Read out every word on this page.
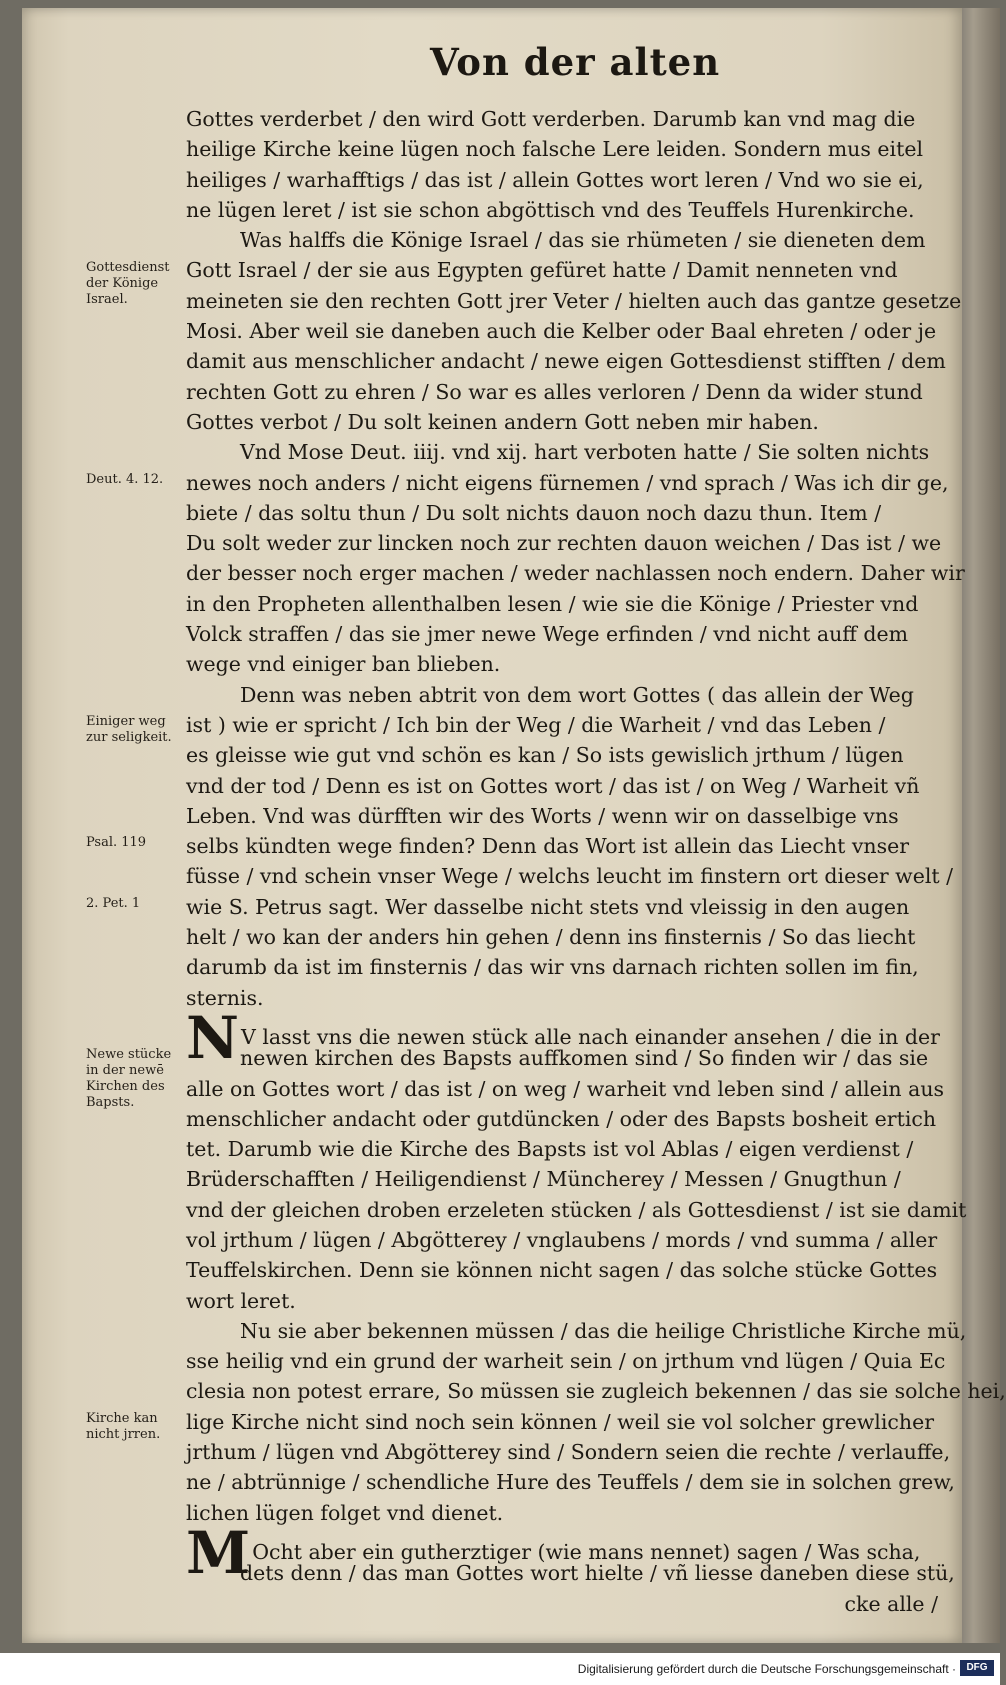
Von der alten
Gottes verderbet / den wird Gott verderben. Darumb kan vnd mag die
heilige Kirche keine lügen noch falsche Lere leiden. Sondern mus eitel
heiliges / warhafftigs / das ist / allein Gottes wort leren / Vnd wo sie ei,
ne lügen leret / ist sie schon abgöttisch vnd des Teuffels Hurenkirche.
Was halffs die Könige Israel / das sie rhümeten / sie dieneten dem
Gott Israel / der sie aus Egypten gefüret hatte / Damit nenneten vnd
meineten sie den rechten Gott jrer Veter / hielten auch das gantze gesetze
Mosi. Aber weil sie daneben auch die Kelber oder Baal ehreten / oder je
damit aus menschlicher andacht / newe eigen Gottesdienst stifften / dem
rechten Gott zu ehren / So war es alles verloren / Denn da wider stund
Gottes verbot / Du solt keinen andern Gott neben mir haben.
Vnd Mose Deut. iiij. vnd xij. hart verboten hatte / Sie solten nichts
newes noch anders / nicht eigens fürnemen / vnd sprach / Was ich dir ge,
biete / das soltu thun / Du solt nichts dauon noch dazu thun. Item /
Du solt weder zur lincken noch zur rechten dauon weichen / Das ist / we
der besser noch erger machen / weder nachlassen noch endern. Daher wir
in den Propheten allenthalben lesen / wie sie die Könige / Priester vnd
Volck straffen / das sie jmer newe Wege erfinden / vnd nicht auff dem
wege vnd einiger ban blieben.
Denn was neben abtrit von dem wort Gottes ( das allein der Weg
ist ) wie er spricht / Ich bin der Weg / die Warheit / vnd das Leben /
es gleisse wie gut vnd schön es kan / So ists gewislich jrthum / lügen
vnd der tod / Denn es ist on Gottes wort / das ist / on Weg / Warheit vñ
Leben. Vnd was dürfften wir des Worts / wenn wir on dasselbige vns
selbs kündten wege finden? Denn das Wort ist allein das Liecht vnser
füsse / vnd schein vnser Wege / welchs leucht im finstern ort dieser welt /
wie S. Petrus sagt. Wer dasselbe nicht stets vnd vleissig in den augen
helt / wo kan der anders hin gehen / denn ins finsternis / So das liecht
darumb da ist im finsternis / das wir vns darnach richten sollen im fin,
sternis.
NV lasst vns die newen stück alle nach einander ansehen / die in der
newen kirchen des Bapsts auffkomen sind / So finden wir / das sie
alle on Gottes wort / das ist / on weg / warheit vnd leben sind / allein aus
menschlicher andacht oder gutdüncken / oder des Bapsts bosheit ertich
tet. Darumb wie die Kirche des Bapsts ist vol Ablas / eigen verdienst /
Brüderschafften / Heiligendienst / Müncherey / Messen / Gnugthun /
vnd der gleichen droben erzeleten stücken / als Gottesdienst / ist sie damit
vol jrthum / lügen / Abgötterey / vnglaubens / mords / vnd summa / aller
Teuffelskirchen. Denn sie können nicht sagen / das solche stücke Gottes
wort leret.
Nu sie aber bekennen müssen / das die heilige Christliche Kirche mü,
sse heilig vnd ein grund der warheit sein / on jrthum vnd lügen / Quia Ec
clesia non potest errare, So müssen sie zugleich bekennen / das sie solche hei,
lige Kirche nicht sind noch sein können / weil sie vol solcher grewlicher
jrthum / lügen vnd Abgötterey sind / Sondern seien die rechte / verlauffe,
ne / abtrünnige / schendliche Hure des Teuffels / dem sie in solchen grew,
lichen lügen folget vnd dienet.
MOcht aber ein gutherztiger (wie mans nennet) sagen / Was scha,
dets denn / das man Gottes wort hielte / vñ liesse daneben diese stü,
cke alle /
Gottesdienst
der Könige
Israel.
Deut. 4. 12.
Einiger weg
zur seligkeit.
Psal. 119
2. Pet. 1
Newe stücke
in der newē
Kirchen des
Bapsts.
Kirche kan
nicht jrren.
Digitalisierung gefördert durch die Deutsche Forschungsgemeinschaft ·	DFG
